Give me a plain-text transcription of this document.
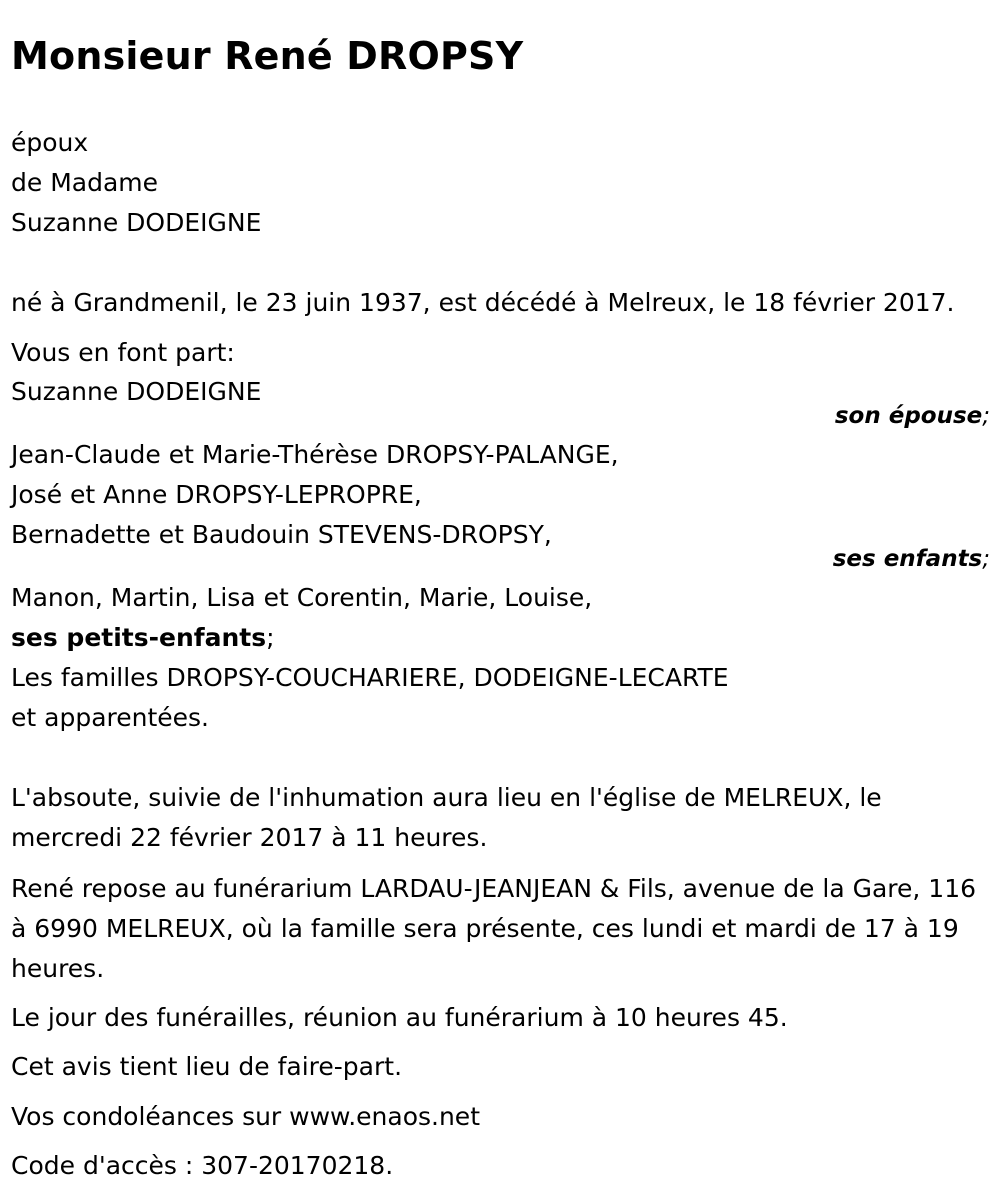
Monsieur René DROPSY
époux
de Madame
Suzanne DODEIGNE
né à Grandmenil, le 23 juin 1937, est décédé à Melreux, le 18 février 2017.
Vous en font part:
Suzanne DODEIGNE
son épouse;
Jean-Claude et Marie-Thérèse DROPSY-PALANGE,
José et Anne DROPSY-LEPROPRE,
Bernadette et Baudouin STEVENS-DROPSY,
ses enfants;
Manon, Martin, Lisa et Corentin, Marie, Louise,
ses petits-enfants;
Les familles DROPSY-COUCHARIERE, DODEIGNE-LECARTE
et apparentées.
L'absoute, suivie de l'inhumation aura lieu en l'église de MELREUX, le mercredi 22 février 2017 à 11 heures.
René repose au funérarium LARDAU-JEANJEAN & Fils, avenue de la Gare, 116 à 6990 MELREUX, où la famille sera présente, ces lundi et mardi de 17 à 19 heures.
Le jour des funérailles, réunion au funérarium à 10 heures 45.
Cet avis tient lieu de faire-part.
Vos condoléances sur www.enaos.net
Code d'accès : 307-20170218.
